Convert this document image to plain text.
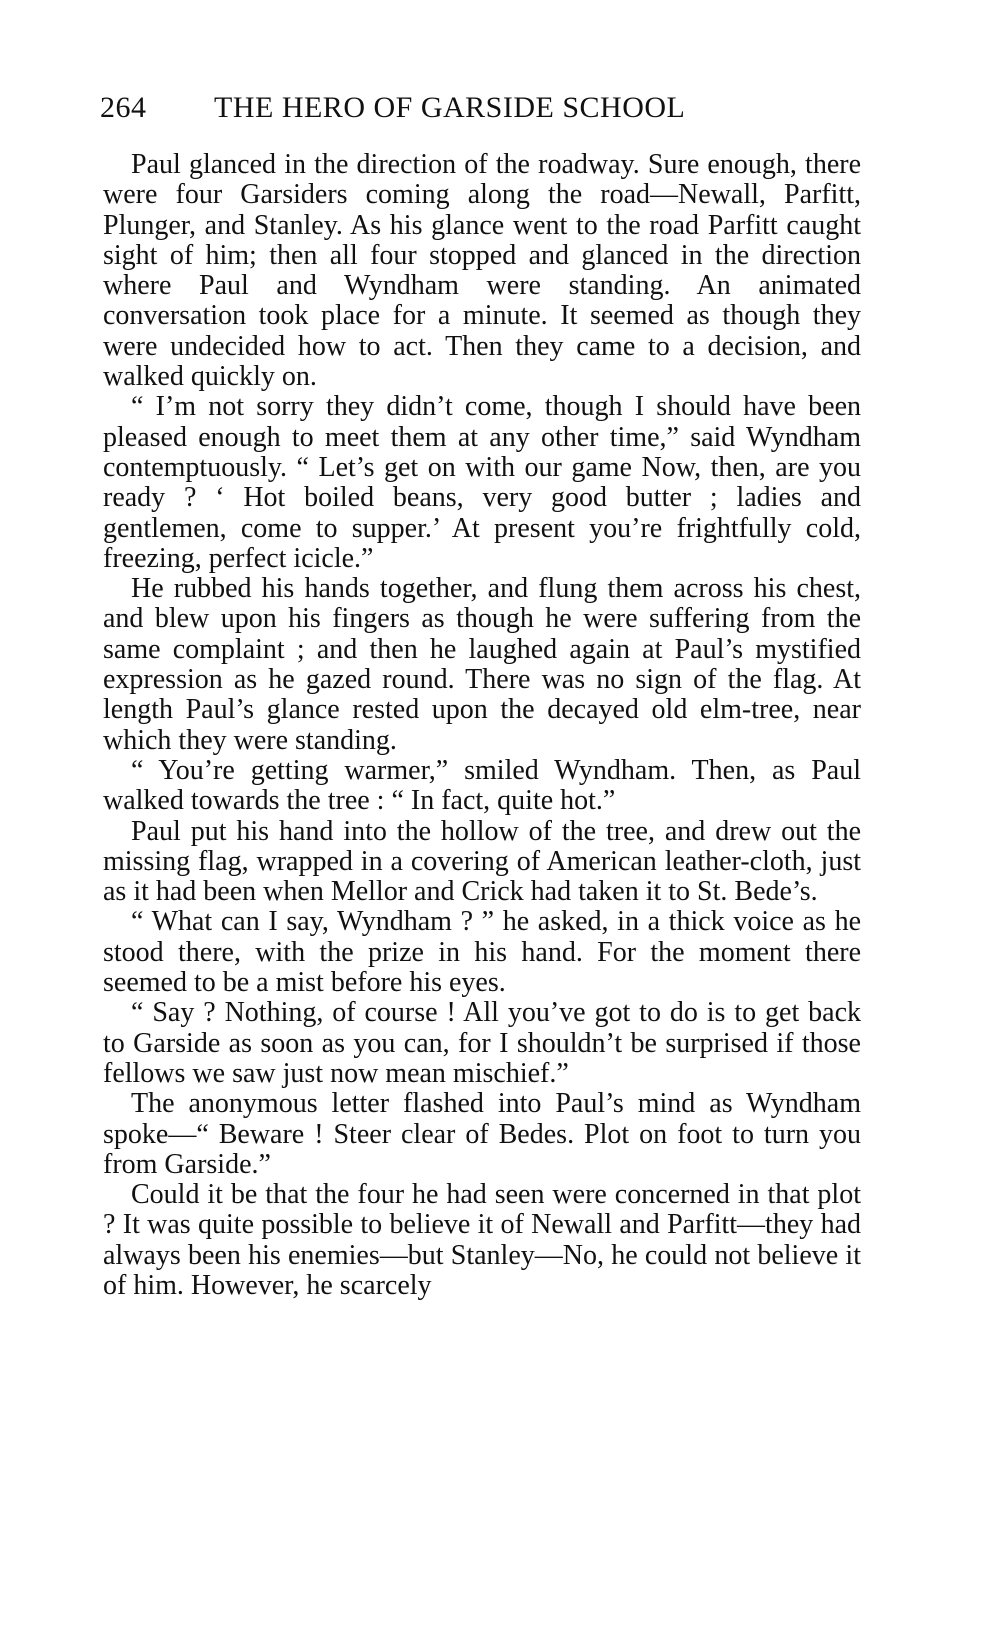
264 THE HERO OF GARSIDE SCHOOL

Paul glanced in the direction of the roadway. Sure enough, there were four Garsiders coming along the road—Newall, Parfitt, Plunger, and Stanley. As his glance went to the road Parfitt caught sight of him; then all four stopped and glanced in the direction where Paul and Wyndham were standing. An animated conversation took place for a minute. It seemed as though they were undecided how to act. Then they came to a decision, and walked quickly on.

“ I’m not sorry they didn’t come, though I should have been pleased enough to meet them at any other time,” said Wyndham contemptuously. “ Let’s get on with our game Now, then, are you ready ? ‘ Hot boiled beans, very good butter ; ladies and gentlemen, come to supper.’ At present you’re frightfully cold, freezing, perfect icicle.”

He rubbed his hands together, and flung them across his chest, and blew upon his fingers as though he were suffering from the same complaint ; and then he laughed again at Paul’s mystified expression as he gazed round. There was no sign of the flag. At length Paul’s glance rested upon the decayed old elm-tree, near which they were standing.

“ You’re getting warmer,” smiled Wyndham. Then, as Paul walked towards the tree : “ In fact, quite hot.”

Paul put his hand into the hollow of the tree, and drew out the missing flag, wrapped in a covering of American leather-cloth, just as it had been when Mellor and Crick had taken it to St. Bede’s.

“ What can I say, Wyndham ? ” he asked, in a thick voice as he stood there, with the prize in his hand. For the moment there seemed to be a mist before his eyes.

“ Say ? Nothing, of course ! All you’ve got to do is to get back to Garside as soon as you can, for I shouldn’t be surprised if those fellows we saw just now mean mischief.”

The anonymous letter flashed into Paul’s mind as Wyndham spoke—“ Beware ! Steer clear of Bedes. Plot on foot to turn you from Garside.”

Could it be that the four he had seen were concerned in that plot ? It was quite possible to believe it of Newall and Parfitt—they had always been his enemies—but Stanley—No, he could not believe it of him. However, he scarcely
